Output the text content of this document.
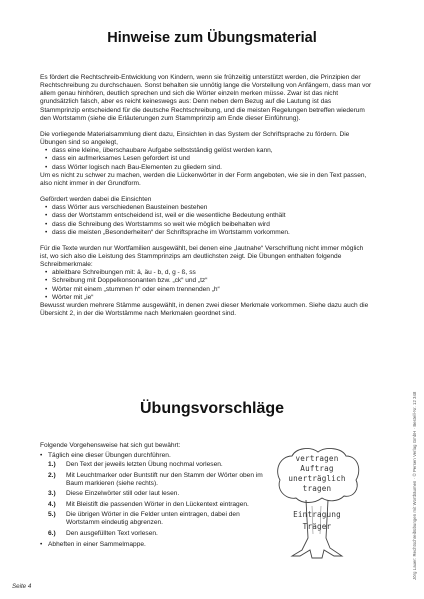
Hinweise zum Übungsmaterial

Es fördert die Rechtschreib-Entwicklung von Kindern, wenn sie frühzeitig unterstützt werden, die Prinzipien der Rechtschreibung zu durchschauen. Sonst behalten sie unnötig lange die Vorstellung von Anfängern, dass man vor allem genau hinhören, deutlich sprechen und sich die Wörter einzeln merken müsse. Zwar ist das nicht grundsätzlich falsch, aber es reicht keineswegs aus: Denn neben dem Bezug auf die Lautung ist das Stammprinzip entscheidend für die deutsche Rechtschreibung, und die meisten Regelungen betreffen wiederum den Wortstamm (siehe die Erläuterungen zum Stammprinzip am Ende dieser Einführung).

Die vorliegende Materialsammlung dient dazu, Einsichten in das System der Schriftsprache zu fördern. Die Übungen sind so angelegt,

• dass eine kleine, überschaubare Aufgabe selbstständig gelöst werden kann,
• dass ein aufmerksames Lesen gefordert ist und
• dass Wörter logisch nach Bau-Elementen zu gliedern sind.

Um es nicht zu schwer zu machen, werden die Lückenwörter in der Form angeboten, wie sie in den Text passen, also nicht immer in der Grundform.

Gefördert werden dabei die Einsichten

• dass Wörter aus verschiedenen Bausteinen bestehen
• dass der Wortstamm entscheidend ist, weil er die wesentliche Bedeutung enthält
• dass die Schreibung des Wortstamms so weit wie möglich beibehalten wird
• dass die meisten „Besonderheiten“ der Schriftsprache im Wortstamm vorkommen.

Für die Texte wurden nur Wortfamilien ausgewählt, bei denen eine „lautnahe“ Verschriftung nicht immer möglich ist, wo sich also die Leistung des Stammprinzips am deutlichsten zeigt. Die Übungen enthalten folgende Schreibmerkmale:

• ableitbare Schreibungen mit: ä, äu - b, d, g - ß, ss
• Schreibung mit Doppelkonsonanten bzw. „ck“ und „tz“
• Wörter mit einem „stummen h“ oder einem trennenden „h“
• Wörter mit „ie“

Bewusst wurden mehrere Stämme ausgewählt, in denen zwei dieser Merkmale vorkommen. Siehe dazu auch die Übersicht 2, in der die Wortstämme nach Merkmalen geordnet sind.

Übungsvorschläge

Folgende Vorgehensweise hat sich gut bewährt:

• Täglich eine dieser Übungen durchführen.

1.) Den Text der jeweils letzten Übung nochmal vorlesen.
2.) Mit Leuchtmarker oder Buntstift nur den Stamm der Wörter oben im Baum markieren (siehe rechts).
3.) Diese Einzelwörter still oder laut lesen.
4.) Mit Bleistift die passenden Wörter in den Lückentext eintragen.
5.) Die übrigen Wörter in die Felder unten eintragen, dabei den Wortstamm eindeutig abgrenzen.
6.) Den ausgefüllten Text vorlesen.

• Abheften in einer Sammelmappe.

vertragen
Auftrag
unerträglich
tragen
Eintragung
Träger	Jörg Lauer: Rechtschreibübungen mit Wortbäumen · © Persen Verlag GmbH · Bestell-Nr. 12 348
Seite 4
